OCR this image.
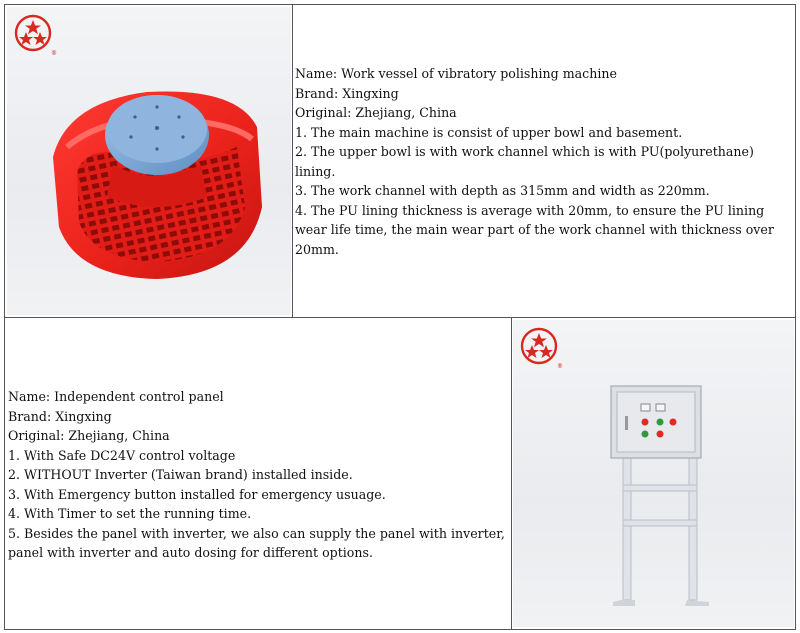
®

Name: Work vessel of vibratory polishing machine

Brand: Xingxing

Original: Zhejiang, China

1. The main machine is consist of upper bowl and basement.

2. The upper bowl is with work channel which is with PU(polyurethane) lining.

3. The work channel with depth as 315mm and width as 220mm.

4. The PU lining thickness is average with 20mm, to ensure the PU lining wear life time, the main wear part of the work channel with thickness over 20mm.

Name: Independent control panel

Brand: Xingxing

Original: Zhejiang, China

1. With Safe DC24V control voltage

2. WITHOUT Inverter (Taiwan brand) installed inside.

3. With Emergency button installed for emergency usuage.

4. With Timer to set the running time.

5. Besides the panel with inverter, we also can supply the panel with inverter, panel with inverter and auto dosing for different options.

®
